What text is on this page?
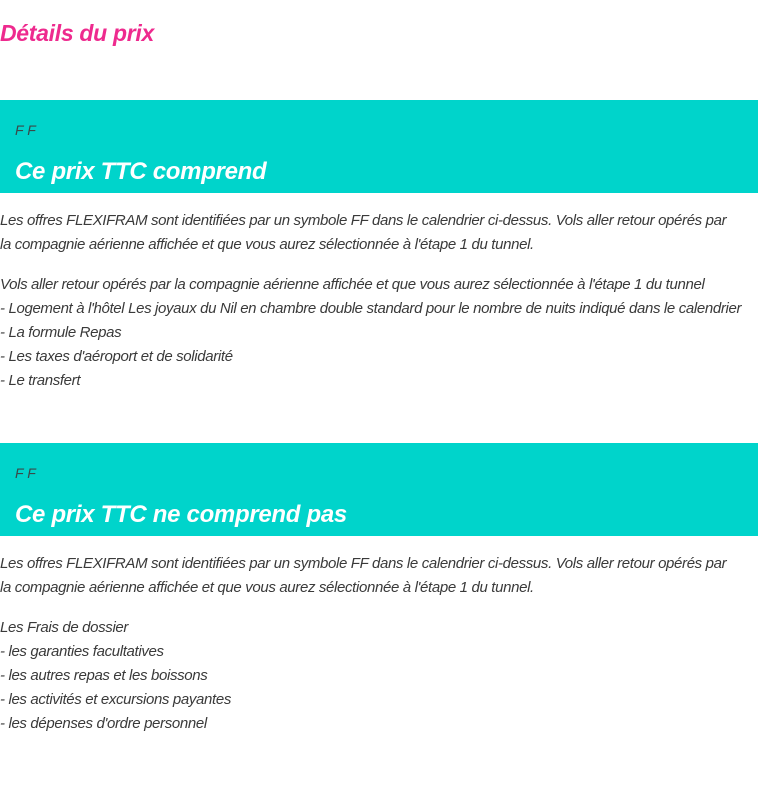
Détails du prix
F F
Ce prix TTC comprend

Les offres FLEXIFRAM sont identifiées par un symbole FF dans le calendrier ci-dessus. Vols aller retour opérés par la compagnie aérienne affichée et que vous aurez sélectionnée à l'étape 1 du tunnel.

Vols aller retour opérés par la compagnie aérienne affichée et que vous aurez sélectionnée à l'étape 1 du tunnel
- Logement à l'hôtel Les joyaux du Nil en chambre double standard pour le nombre de nuits indiqué dans le calendrier
- La formule Repas
- Les taxes d'aéroport et de solidarité
- Le transfert
F F
Ce prix TTC ne comprend pas

Les offres FLEXIFRAM sont identifiées par un symbole FF dans le calendrier ci-dessus. Vols aller retour opérés par la compagnie aérienne affichée et que vous aurez sélectionnée à l'étape 1 du tunnel.

Les Frais de dossier
- les garanties facultatives
- les autres repas et les boissons
- les activités et excursions payantes
- les dépenses d'ordre personnel
